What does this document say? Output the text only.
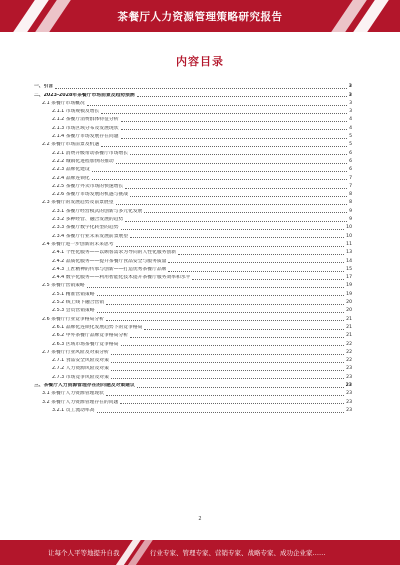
茶餐厅人力资源管理策略研究报告
内容目录
一、引言	3
二、2023-2028年茶餐厅市场前景及趋势预测	3
2.1 茶餐厅市场概况	3
2.1.1 市场规模及增长	3
2.1.2 茶餐厅消费群体特征分析	4
2.1.3 市场区域分布及发展现状	4
2.1.4 茶餐厅市场发展存在问题	5
2.2 茶餐厅市场前景及机遇	5
2.2.1 消费升级带动茶餐厅市场增长	6
2.2.2 城镇化进程加快的推动	6
2.2.3 品牌化建设	6
2.2.4 品牌连锁化	7
2.2.5 茶餐厅外卖市场的快速增长	7
2.2.6 茶餐厅市场发展的机遇与挑战	8
2.3 茶餐厅的发展趋势及前景展望	8
2.3.1 茶餐厅经营模式的创新与多元化发展	9
2.3.2 多种经营、融合发展的趋势	9
2.3.3 茶餐厅数字化转型的趋势	10
2.3.4 茶餐厅行业未来发展前景展望	10
2.4 茶餐厅进一步创新的未来思考	11
2.4.1 个性化服务——以顾客需求为导向的人性化服务创新	13
2.4.2 品质化服务——提升茶餐厅食品安全与服务质量	14
2.4.3 工匠精神的传承与创新——打造优秀茶餐厅品牌	15
2.4.4 数字化服务——利用智能化技术提升茶餐厅服务效率和水平	17
2.5 茶餐厅营销策略	19
2.5.1 精准营销策略	19
2.5.2 线上线下融合营销	20
2.5.3 会员营销策略	20
2.6 茶餐厅行业竞争格局分析	21
2.6.1 品牌化连锁化发展趋势下的竞争格局	21
2.6.2 中外茶餐厅品牌竞争格局分析	21
2.6.3 区域市场茶餐厅竞争格局	22
2.7 茶餐厅行业风险及对策分析	22
2.7.1 食品安全风险及对策	22
2.7.2 人力资源风险及对策	23
2.7.3 市场竞争风险及对策	23
三、茶餐厅人力资源管理存在的问题及对策建议	23
3.1 茶餐厅人力资源管理现状	23
3.2 茶餐厅人力资源管理存在的问题	23
3.2.1 员工流动率高	23
2
让每个人平等地提升自我	行业专家、管理专家、营销专家、战略专家、成功企业家……
